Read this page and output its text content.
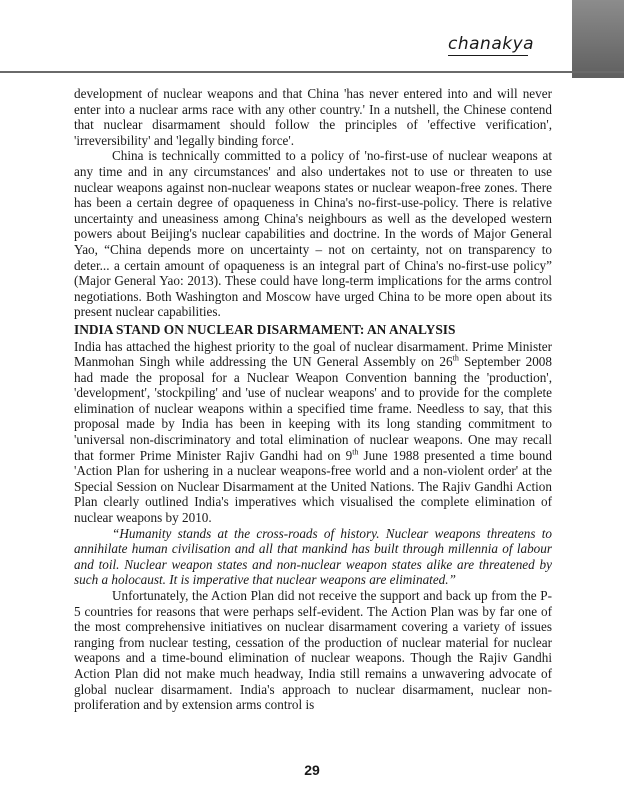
chanakya

development of nuclear weapons and that China 'has never entered into and will never enter into a nuclear arms race with any other country.' In a nutshell, the Chinese contend that nuclear disarmament should follow the principles of 'effective verification', 'irreversibility' and 'legally binding force'.

China is technically committed to a policy of 'no-first-use of nuclear weapons at any time and in any circumstances' and also undertakes not to use or threaten to use nuclear weapons against non-nuclear weapons states or nuclear weapon-free zones. There has been a certain degree of opaqueness in China's no-first-use-policy. There is relative uncertainty and uneasiness among China's neighbours as well as the developed western powers about Beijing's nuclear capabilities and doctrine. In the words of Major General Yao, “China depends more on uncertainty – not on certainty, not on transparency to deter... a certain amount of opaqueness is an integral part of China's no-first-use policy” (Major General Yao: 2013). These could have long-term implications for the arms control negotiations. Both Washington and Moscow have urged China to be more open about its present nuclear capabilities.

INDIA STAND ON NUCLEAR DISARMAMENT: AN ANALYSIS

India has attached the highest priority to the goal of nuclear disarmament. Prime Minister Manmohan Singh while addressing the UN General Assembly on 26th September 2008 had made the proposal for a Nuclear Weapon Convention banning the 'production', 'development', 'stockpiling' and 'use of nuclear weapons' and to provide for the complete elimination of nuclear weapons within a specified time frame. Needless to say, that this proposal made by India has been in keeping with its long standing commitment to 'universal non-discriminatory and total elimination of nuclear weapons. One may recall that former Prime Minister Rajiv Gandhi had on 9th June 1988 presented a time bound 'Action Plan for ushering in a nuclear weapons-free world and a non-violent order' at the Special Session on Nuclear Disarmament at the United Nations. The Rajiv Gandhi Action Plan clearly outlined India's imperatives which visualised the complete elimination of nuclear weapons by 2010.

“Humanity stands at the cross-roads of history. Nuclear weapons threatens to annihilate human civilisation and all that mankind has built through millennia of labour and toil. Nuclear weapon states and non-nuclear weapon states alike are threatened by such a holocaust. It is imperative that nuclear weapons are eliminated.”

Unfortunately, the Action Plan did not receive the support and back up from the P-5 countries for reasons that were perhaps self-evident. The Action Plan was by far one of the most comprehensive initiatives on nuclear disarmament covering a variety of issues ranging from nuclear testing, cessation of the production of nuclear material for nuclear weapons and a time-bound elimination of nuclear weapons. Though the Rajiv Gandhi Action Plan did not make much headway, India still remains a unwavering advocate of global nuclear disarmament. India's approach to nuclear disarmament, nuclear non-proliferation and by extension arms control is

29
